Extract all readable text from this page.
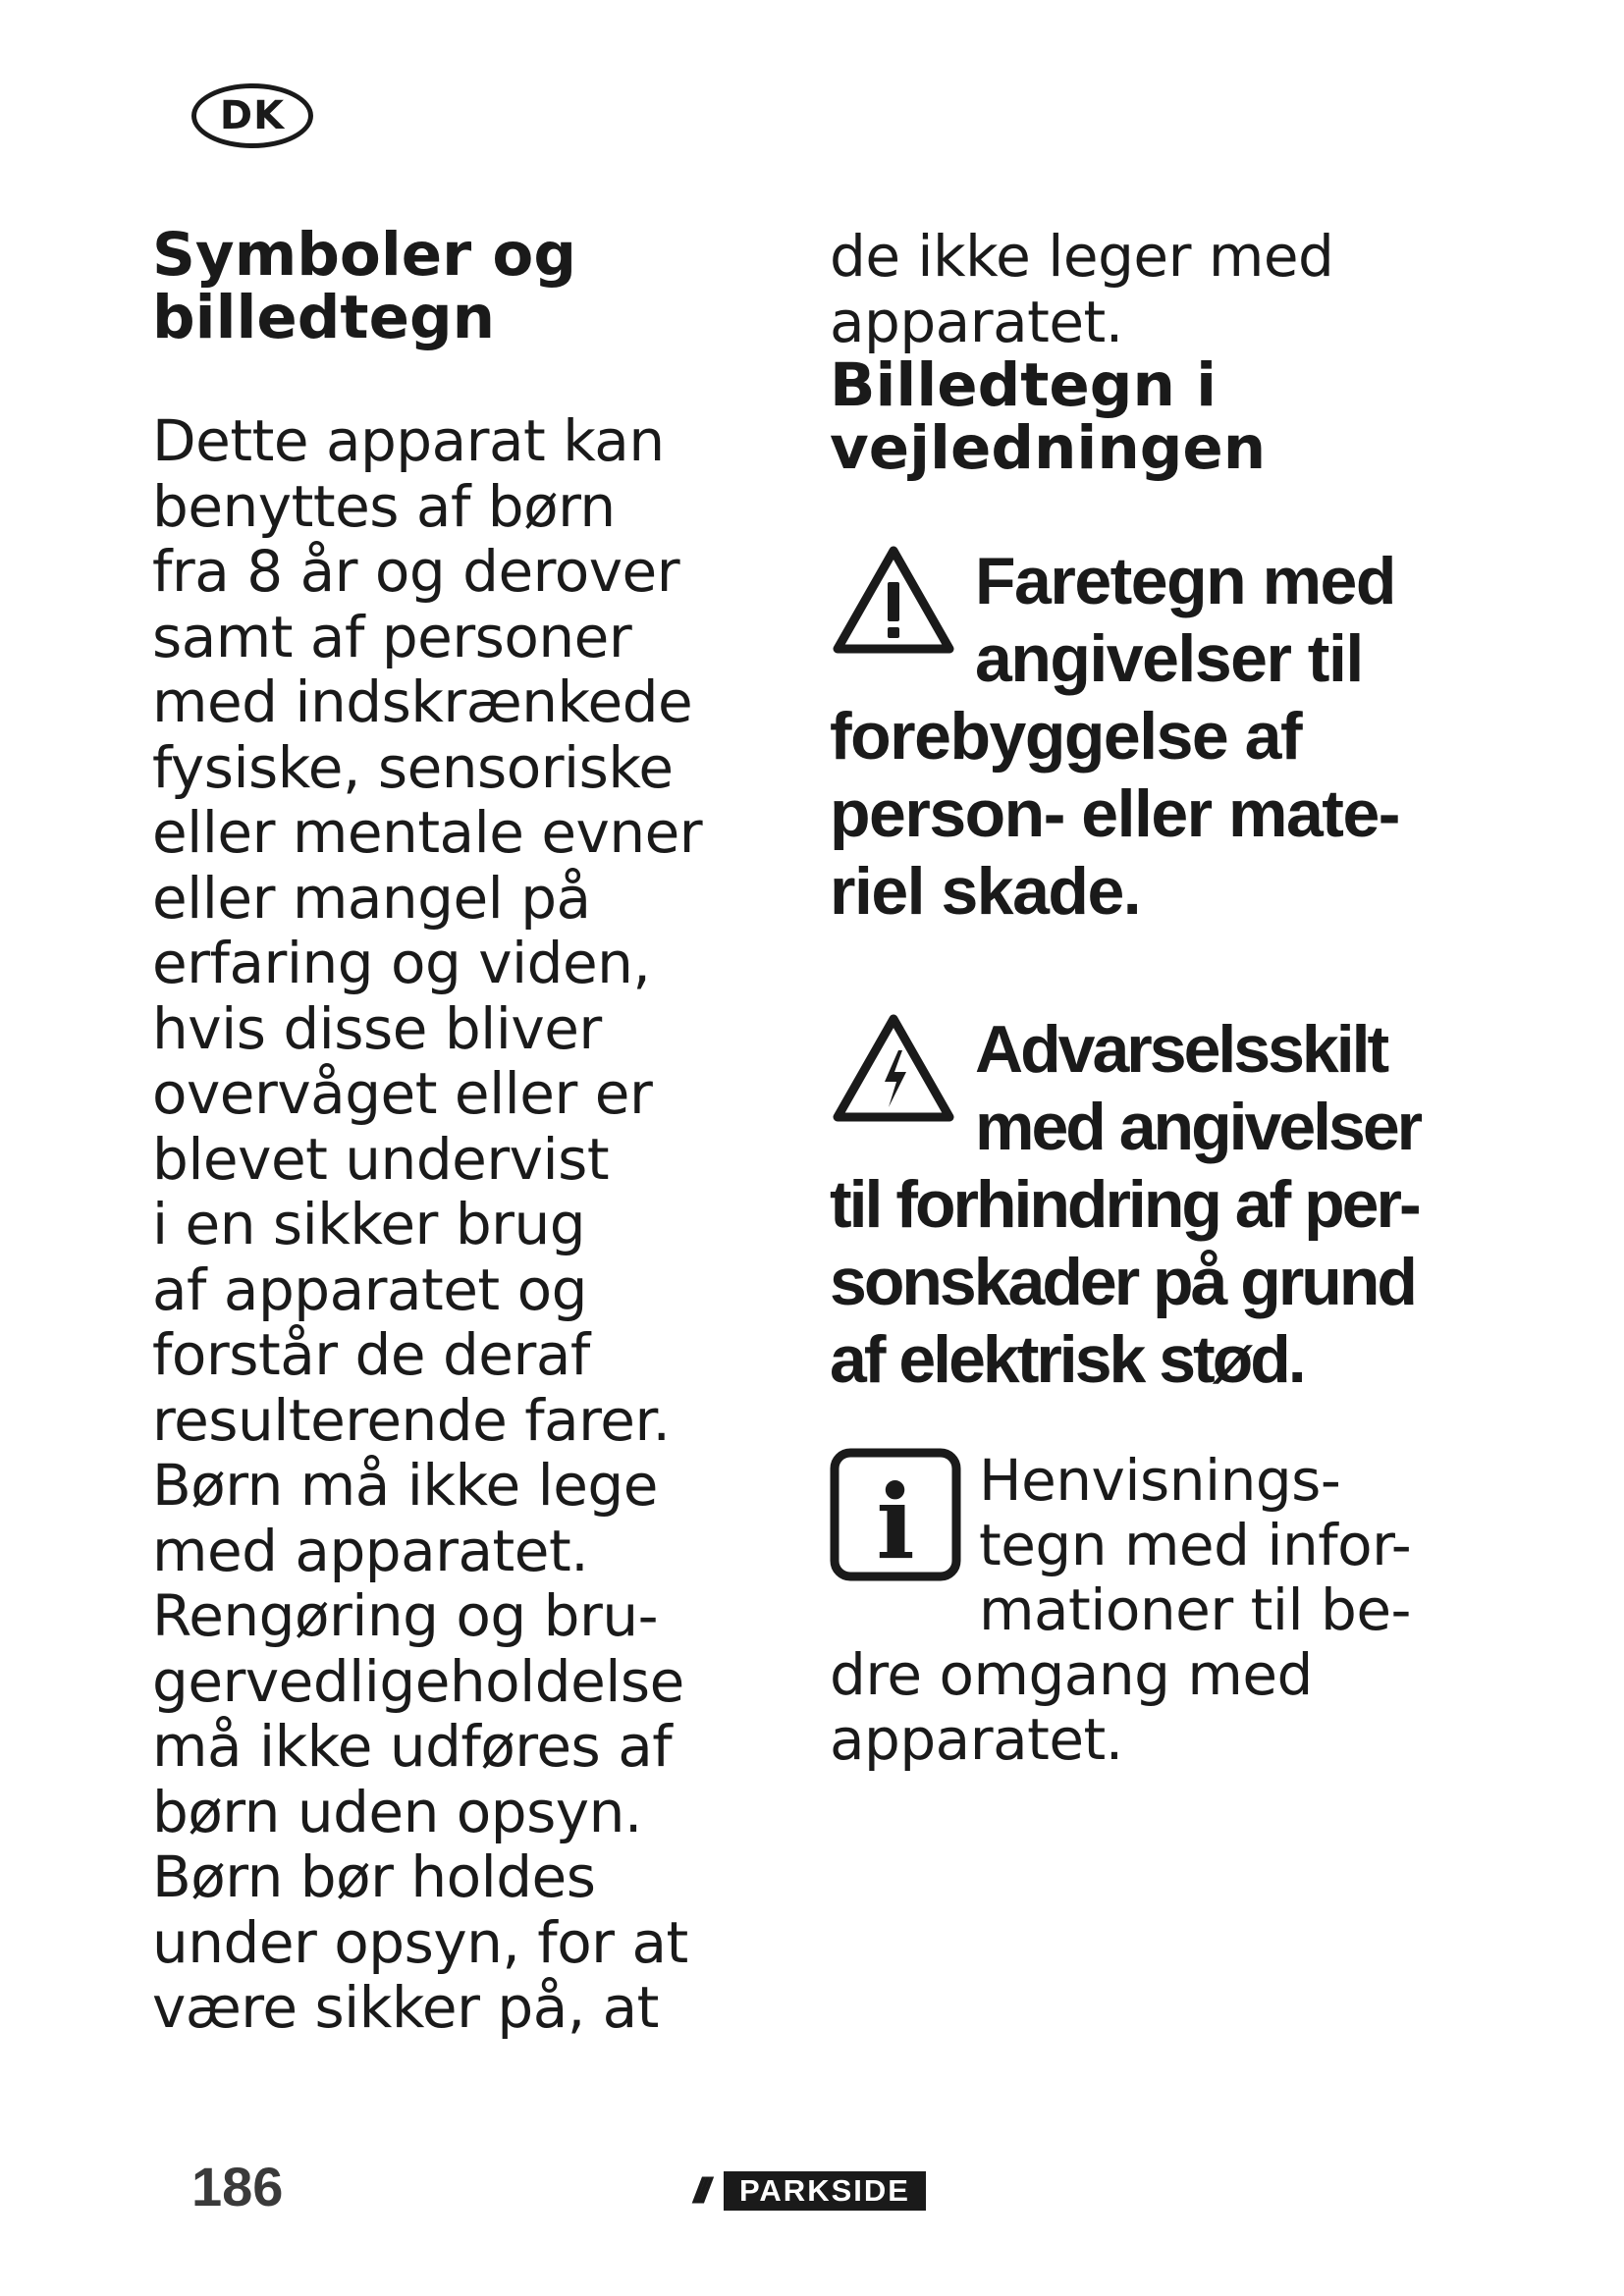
DK
Symboler og
billedtegn

Dette apparat kan
benyttes af børn
fra 8 år og derover
samt af personer
med indskrænkede
fysiske, sensoriske
eller mentale evner
eller mangel på
erfaring og viden,
hvis disse bliver
overvåget eller er
blevet undervist
i en sikker brug
af apparatet og
forstår de deraf
resulterende farer.
Børn må ikke lege
med apparatet.
Rengøring og bru-
gervedligeholdelse
må ikke udføres af
børn uden opsyn.
Børn bør holdes
under opsyn, for at
være sikker på, at

de ikke leger med
apparatet.

Billedtegn i
vejledningen

Faretegn med
angivelser til
forebyggelse af
person- eller mate-
riel skade.

Advarselsskilt
med angivelser
til forhindring af per-
sonskader på grund
af elektrisk stød.

i	Henvisnings-
tegn med infor-
mationer til be-
dre omgang med
apparatet.

186	///	PARKSIDE
